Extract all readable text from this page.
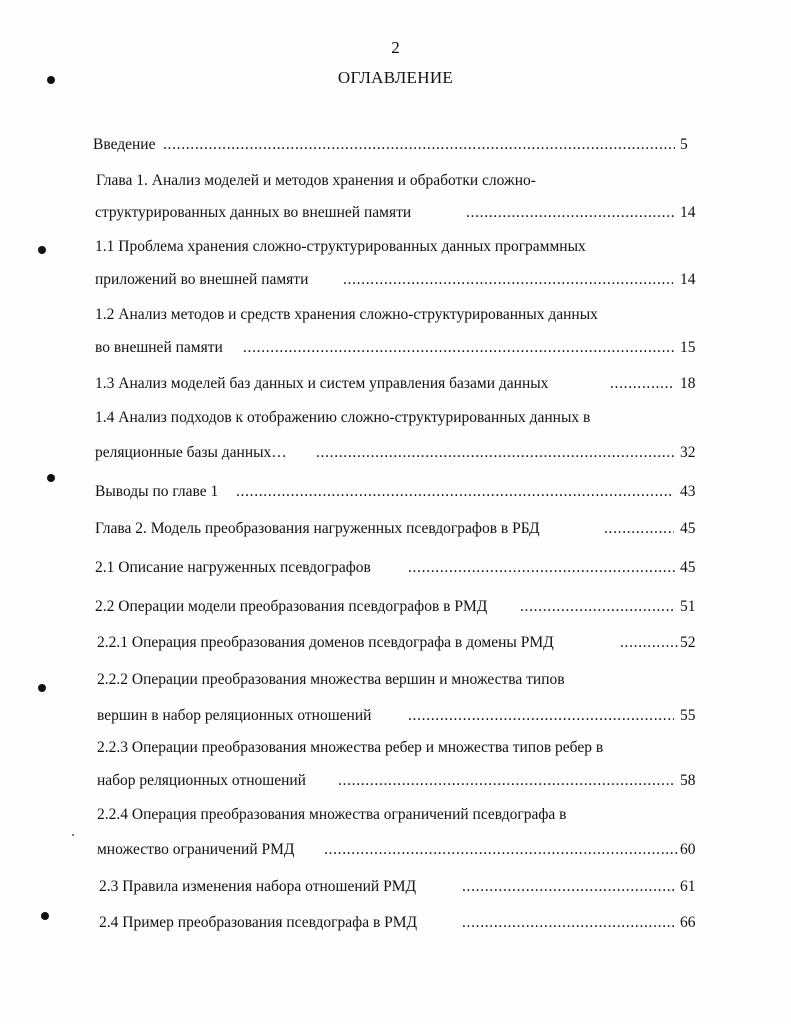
2
ОГЛАВЛЕНИЕ
Введение . . .	5
Глава 1. Анализ моделей и методов хранения и обработки сложно-
структурированных данных во внешней памяти . . .	14
1.1 Проблема хранения сложно-структурированных данных программных
приложений во внешней памяти . . .	14
1.2 Анализ методов и средств хранения сложно-структурированных данных
во внешней памяти . . .	15
1.3 Анализ моделей баз данных и систем управления базами данных . . .	18
1.4 Анализ подходов к отображению сложно-структурированных данных в
реляционные базы данных… . . .	32
Выводы по главе 1 . . .	43
Глава 2. Модель преобразования нагруженных псевдографов в РБД . . .	45
2.1 Описание нагруженных псевдографов . . .	45
2.2 Операции модели преобразования псевдографов в РМД . . .	51
2.2.1 Операция преобразования доменов псевдографа в домены РМД . . .	52
2.2.2 Операции преобразования множества вершин и множества типов
вершин в набор реляционных отношений . . .	55
2.2.3 Операции преобразования множества ребер и множества типов ребер в
набор реляционных отношений . . .	58
2.2.4 Операция преобразования множества ограничений псевдографа в
множество ограничений РМД . . .	60
2.3 Правила изменения набора отношений РМД . . .	61
2.4 Пример преобразования псевдографа в РМД . . .	66
